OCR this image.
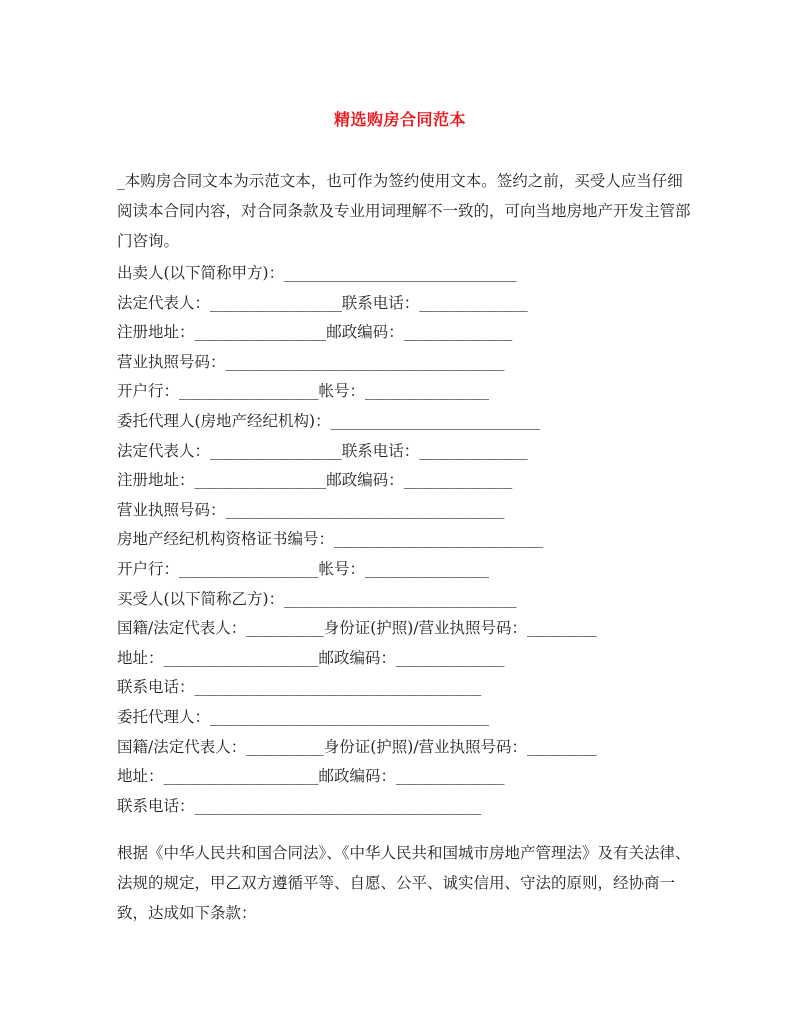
精选购房合同范本
_本购房合同文本为示范文本，也可作为签约使用文本。签约之前，买受人应当仔细阅读本合同内容，对合同条款及专业用词理解不一致的，可向当地房地产开发主管部门咨询。
出卖人(以下简称甲方)：______________________________
法定代表人：_________________联系电话：______________
注册地址：_________________邮政编码：______________
营业执照号码：____________________________________
开户行：__________________帐号：________________
委托代理人(房地产经纪机构)：___________________________
法定代表人：_________________联系电话：______________
注册地址：_________________邮政编码：______________
营业执照号码：____________________________________
房地产经纪机构资格证书编号：___________________________
开户行：__________________帐号：________________
买受人(以下简称乙方)：______________________________
国籍/法定代表人：__________身份证(护照)/营业执照号码：_________
地址：____________________邮政编码：______________
联系电话：_____________________________________
委托代理人：____________________________________
国籍/法定代表人：__________身份证(护照)/营业执照号码：_________
地址：____________________邮政编码：______________
联系电话：_____________________________________
根据《中华人民共和国合同法》、《中华人民共和国城市房地产管理法》及有关法律、法规的规定，甲乙双方遵循平等、自愿、公平、诚实信用、守法的原则，经协商一致，达成如下条款：
